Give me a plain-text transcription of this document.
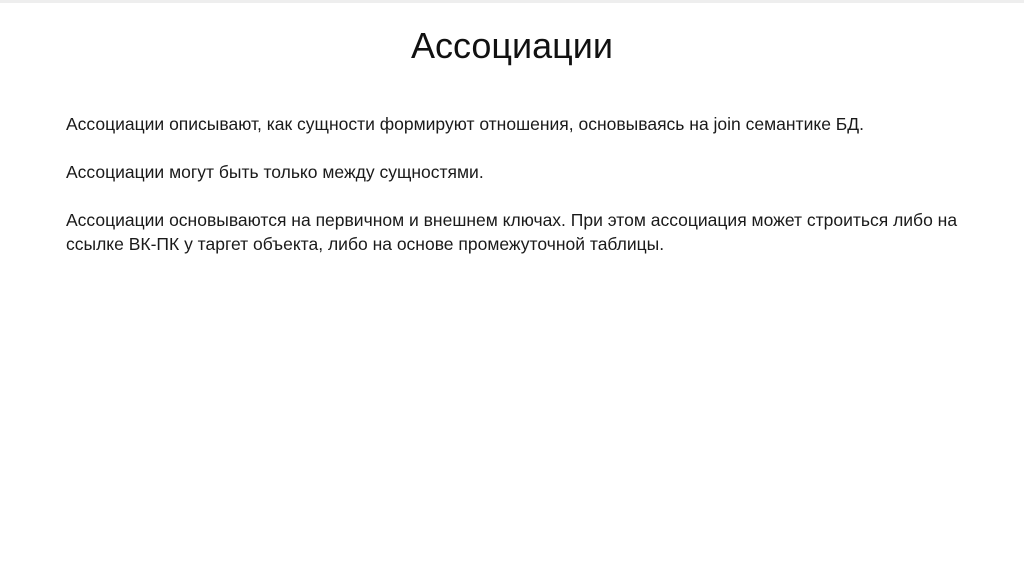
Ассоциации

Ассоциации описывают, как сущности формируют отношения, основываясь на join семантике БД.

Ассоциации могут быть только между сущностями.

Ассоциации основываются на первичном и внешнем ключах. При этом ассоциация может строиться либо на ссылке ВК-ПК у таргет объекта, либо на основе промежуточной таблицы.
